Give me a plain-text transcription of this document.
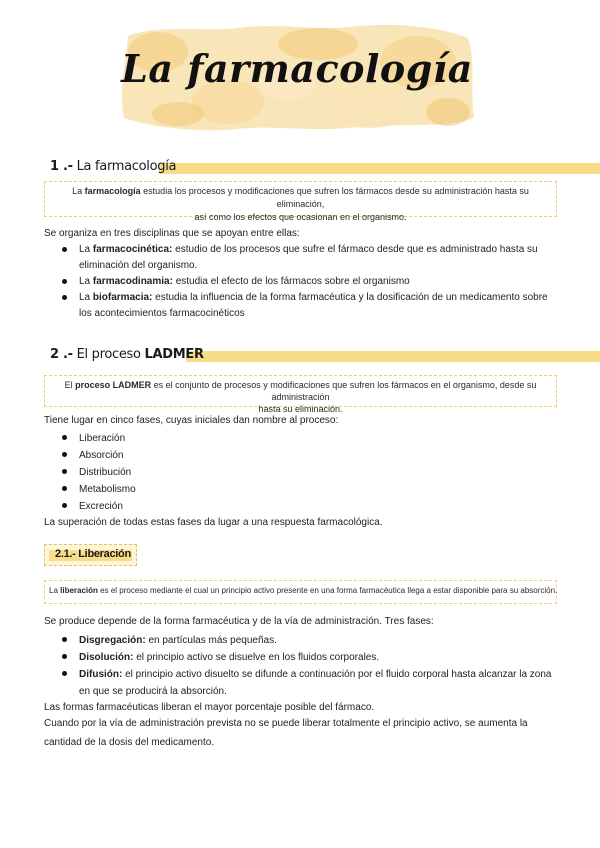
La farmacología
1 .- La farmacología
La farmacología estudia los procesos y modificaciones que sufren los fármacos desde su administración hasta su eliminación,
así como los efectos que ocasionan en el organismo.
Se organiza en tres disciplinas que se apoyan entre ellas:
La farmacocinética: estudio de los procesos que sufre el fármaco desde que es administrado hasta su eliminación del organismo.
La farmacodinamia: estudia el efecto de los fármacos sobre el organismo
La biofarmacia: estudia la influencia de la forma farmacéutica y la dosificación de un medicamento sobre los acontecimientos farmacocinéticos
2 .- El proceso LADMER
El proceso LADMER es el conjunto de procesos y modificaciones que sufren los fármacos en el organismo, desde su administración
hasta su eliminación.
Tiene lugar en cinco fases, cuyas iniciales dan nombre al proceso:
Liberación
Absorción
Distribución
Metabolismo
Excreción
La superación de todas estas fases da lugar a una respuesta farmacológica.
2.1.- Liberación
La liberación es el proceso mediante el cual un principio activo presente en una forma farmacéutica llega a estar disponible para su absorción.
Se produce depende de la forma farmacéutica y de la vía de administración. Tres fases:
Disgregación: en partículas más pequeñas.
Disolución: el principio activo se disuelve en los fluidos corporales.
Difusión: el principio activo disuelto se difunde a continuación por el fluido corporal hasta alcanzar la zona en que se producirá la absorción.
Las formas farmacéuticas liberan el mayor porcentaje posible del fármaco.
Cuando por la vía de administración prevista no se puede liberar totalmente el principio activo, se aumenta la
cantidad de la dosis del medicamento.
